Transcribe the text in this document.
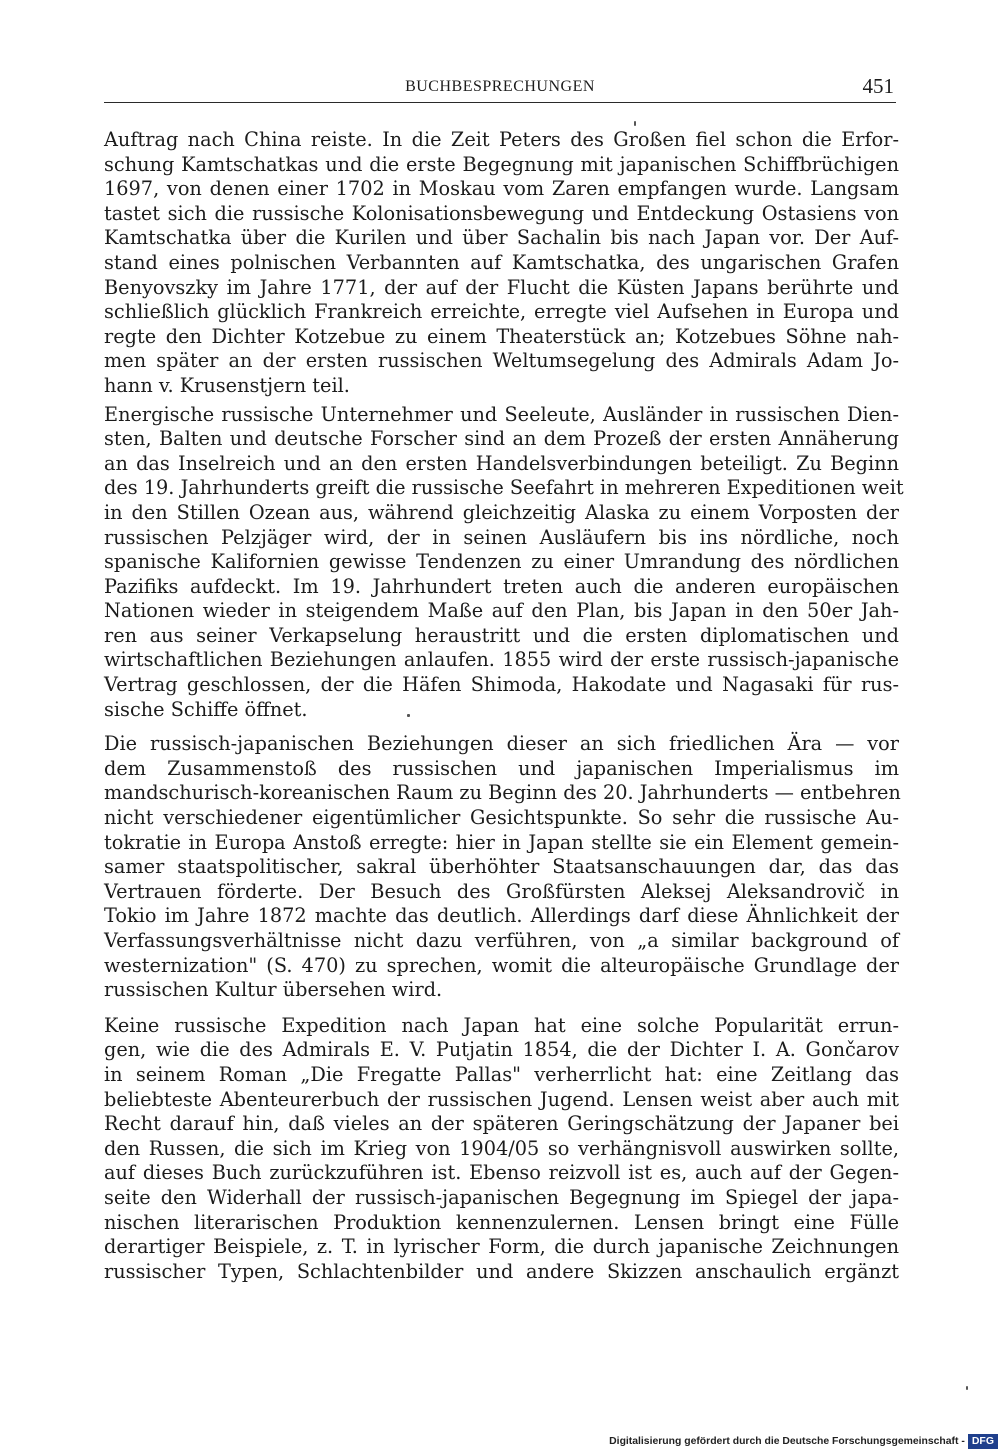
BUCHBESPRECHUNGEN	451
Auftrag nach China reiste. In die Zeit Peters des Großen fiel schon die Erfor-
schung Kamtschatkas und die erste Begegnung mit japanischen Schiffbrüchigen
1697, von denen einer 1702 in Moskau vom Zaren empfangen wurde. Langsam
tastet sich die russische Kolonisationsbewegung und Entdeckung Ostasiens von
Kamtschatka über die Kurilen und über Sachalin bis nach Japan vor. Der Auf-
stand eines polnischen Verbannten auf Kamtschatka, des ungarischen Grafen
Benyovszky im Jahre 1771, der auf der Flucht die Küsten Japans berührte und
schließlich glücklich Frankreich erreichte, erregte viel Aufsehen in Europa und
regte den Dichter Kotzebue zu einem Theaterstück an; Kotzebues Söhne nah-
men später an der ersten russischen Weltumsegelung des Admirals Adam Jo-
hann v. Krusenstjern teil.
Energische russische Unternehmer und Seeleute, Ausländer in russischen Dien-
sten, Balten und deutsche Forscher sind an dem Prozeß der ersten Annäherung
an das Inselreich und an den ersten Handelsverbindungen beteiligt. Zu Beginn
des 19. Jahrhunderts greift die russische Seefahrt in mehreren Expeditionen weit
in den Stillen Ozean aus, während gleichzeitig Alaska zu einem Vorposten der
russischen Pelzjäger wird, der in seinen Ausläufern bis ins nördliche, noch
spanische Kalifornien gewisse Tendenzen zu einer Umrandung des nördlichen
Pazifiks aufdeckt. Im 19. Jahrhundert treten auch die anderen europäischen
Nationen wieder in steigendem Maße auf den Plan, bis Japan in den 50er Jah-
ren aus seiner Verkapselung heraustritt und die ersten diplomatischen und
wirtschaftlichen Beziehungen anlaufen. 1855 wird der erste russisch-japanische
Vertrag geschlossen, der die Häfen Shimoda, Hakodate und Nagasaki für rus-
sische Schiffe öffnet.
Die russisch-japanischen Beziehungen dieser an sich friedlichen Ära — vor
dem Zusammenstoß des russischen und japanischen Imperialismus im
mandschurisch-koreanischen Raum zu Beginn des 20. Jahrhunderts — entbehren
nicht verschiedener eigentümlicher Gesichtspunkte. So sehr die russische Au-
tokratie in Europa Anstoß erregte: hier in Japan stellte sie ein Element gemein-
samer staatspolitischer, sakral überhöhter Staatsanschauungen dar, das das
Vertrauen förderte. Der Besuch des Großfürsten Aleksej Aleksandrovič in
Tokio im Jahre 1872 machte das deutlich. Allerdings darf diese Ähnlichkeit der
Verfassungsverhältnisse nicht dazu verführen, von „a similar background of
westernization" (S. 470) zu sprechen, womit die alteuropäische Grundlage der
russischen Kultur übersehen wird.
Keine russische Expedition nach Japan hat eine solche Popularität errun-
gen, wie die des Admirals E. V. Putjatin 1854, die der Dichter I. A. Gončarov
in seinem Roman „Die Fregatte Pallas" verherrlicht hat: eine Zeitlang das
beliebteste Abenteurerbuch der russischen Jugend. Lensen weist aber auch mit
Recht darauf hin, daß vieles an der späteren Geringschätzung der Japaner bei
den Russen, die sich im Krieg von 1904/05 so verhängnisvoll auswirken sollte,
auf dieses Buch zurückzuführen ist. Ebenso reizvoll ist es, auch auf der Gegen-
seite den Widerhall der russisch-japanischen Begegnung im Spiegel der japa-
nischen literarischen Produktion kennenzulernen. Lensen bringt eine Fülle
derartiger Beispiele, z. T. in lyrischer Form, die durch japanische Zeichnungen
russischer Typen, Schlachtenbilder und andere Skizzen anschaulich ergänzt
Digitalisierung gefördert durch die Deutsche Forschungsgemeinschaft - DFG
